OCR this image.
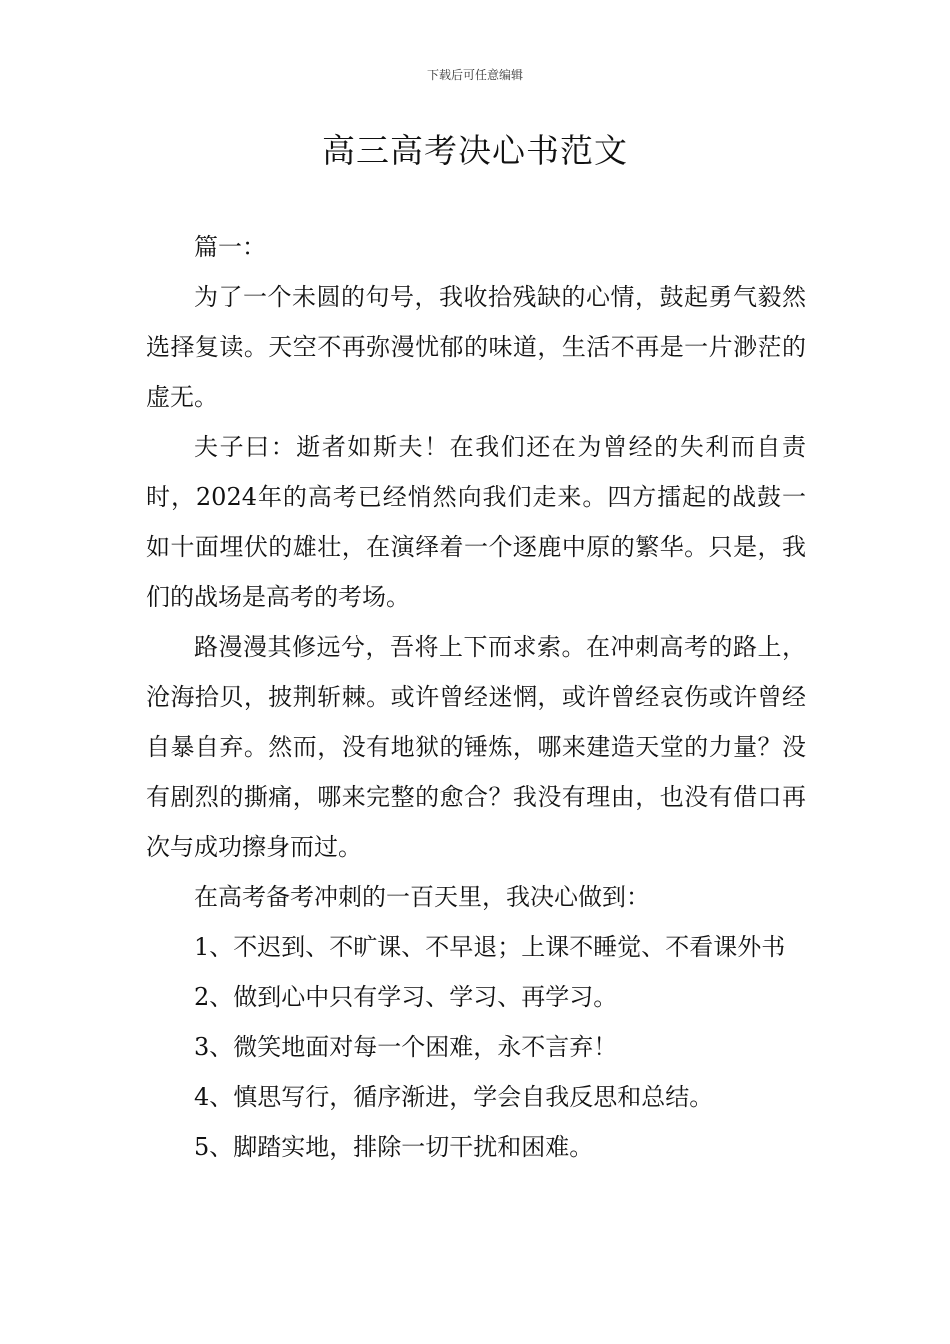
下载后可任意编辑
高三高考决心书范文

篇一：

为了一个未圆的句号，我收拾残缺的心情，鼓起勇气毅然选择复读。天空不再弥漫忧郁的味道，生活不再是一片渺茫的虚无。

夫子曰：逝者如斯夫！在我们还在为曾经的失利而自责时，2024年的高考已经悄然向我们走来。四方擂起的战鼓一如十面埋伏的雄壮，在演绎着一个逐鹿中原的繁华。只是，我们的战场是高考的考场。

路漫漫其修远兮，吾将上下而求索。在冲刺高考的路上，沧海拾贝，披荆斩棘。或许曾经迷惘，或许曾经哀伤或许曾经自暴自弃。然而，没有地狱的锤炼，哪来建造天堂的力量？没有剧烈的撕痛，哪来完整的愈合？我没有理由，也没有借口再次与成功擦身而过。

在高考备考冲刺的一百天里，我决心做到：

1、不迟到、不旷课、不早退；上课不睡觉、不看课外书

2、做到心中只有学习、学习、再学习。

3、微笑地面对每一个困难，永不言弃！

4、慎思写行，循序渐进，学会自我反思和总结。

5、脚踏实地，排除一切干扰和困难。
